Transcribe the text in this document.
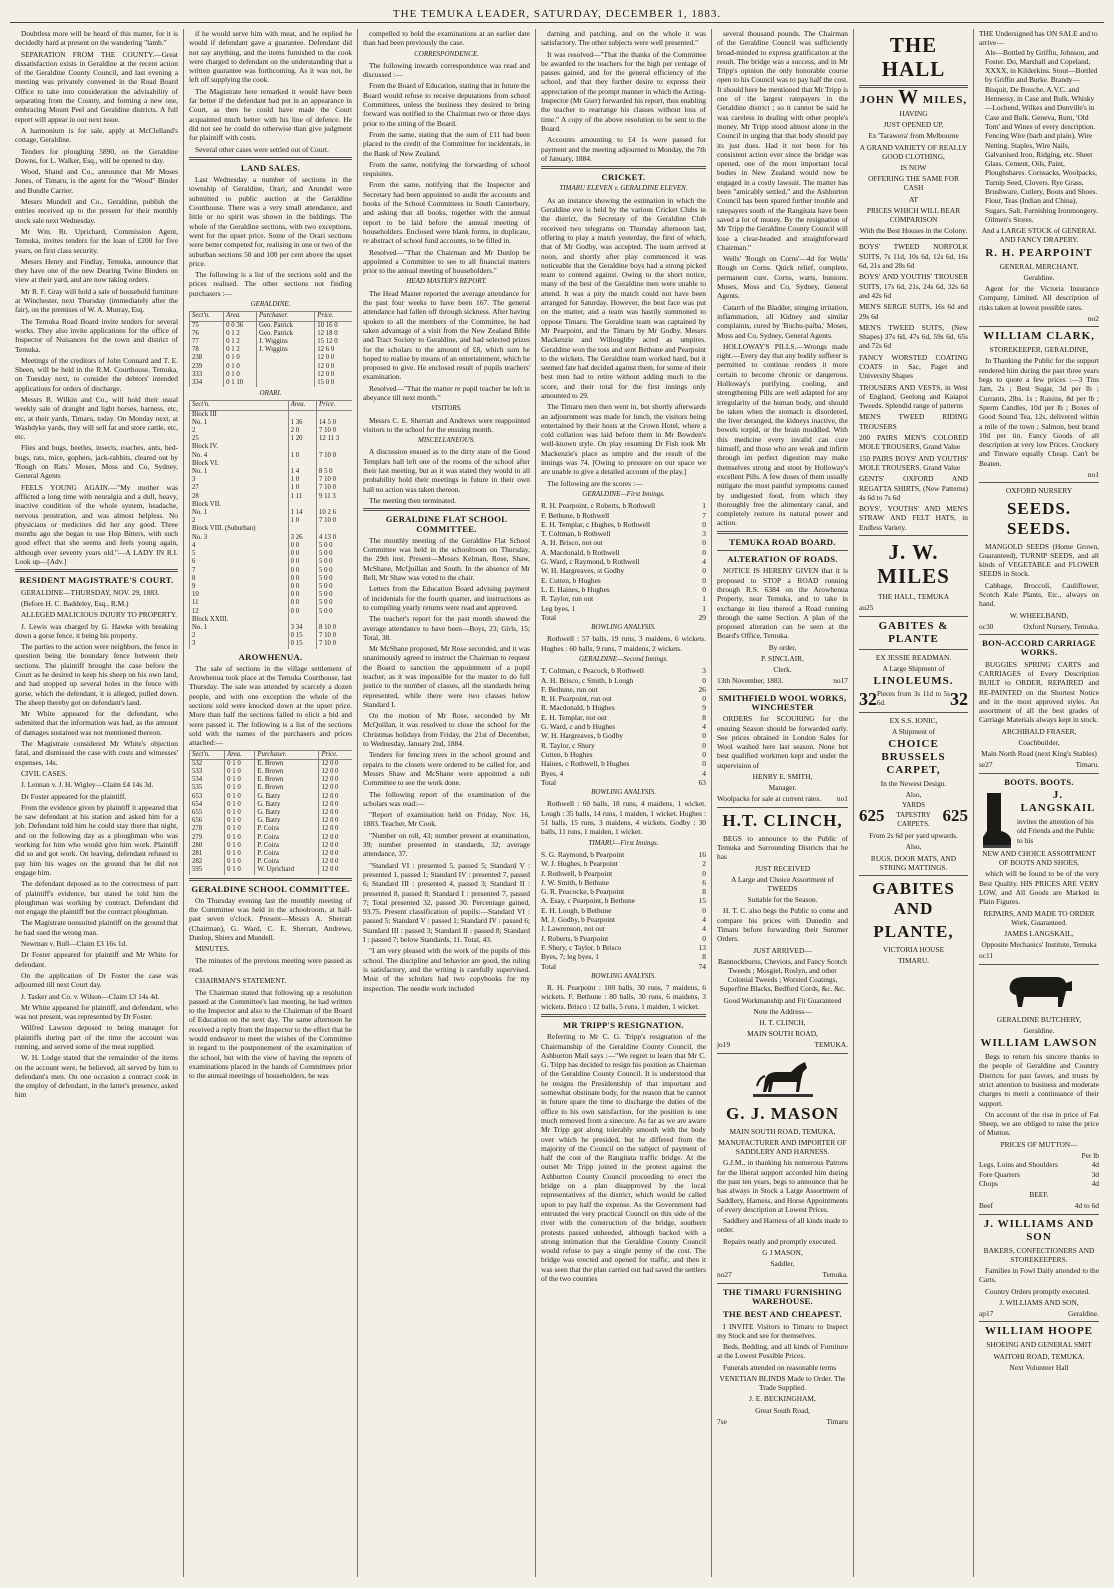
THE TEMUKA LEADER, SATURDAY, DECEMBER 1, 1883.

Doubtless more will be heard of this matter, for it is decidedly hard at present on the wandering "lamb."

SEPARATION FROM THE COUNTY.—Great dissatisfaction exists in Geraldine at the recent action of the Geraldine County Council, and last evening a meeting was privately convened in the Road Board Office to take into consideration the advisability of separating from the County, and forming a new one, embracing Mount Peel and Geraldine districts. A full report will appear in our next issue.

A harmonium is for sale, apply at McClelland's cottage, Geraldine.

Tenders for ploughing 5890, on the Geraldine Downs, for L. Walker, Esq., will be opened to day.

Wood, Shand and Co., announce that Mr Moses Jones, of Timaru, is the agent for the "Wood" Binder and Bundle Carrier.

Messrs Mundell and Co., Geraldine, publish the entries received up to the present for their monthly stock sale next Wednesday.

Mr Wm. Rt. Uprichard, Commission Agent, Temuka, invites tenders for the loan of £200 for five years, on first class security.

Messrs Henry and Findlay, Temuka, announce that they have one of the new Dearing Twine Binders on view at their yard, and are now taking orders.

Mr R. F. Gray will hold a sale of household furniture at Winchester, next Thursday (immediately after the fair), on the premises of W. A. Murray, Esq.

The Temuka Road Board invite tenders for several works. They also invite applications for the office of Inspector of Nuisances for the town and district of Temuka.

Meetings of the creditors of John Connard and T. E. Sheen, will be held in the R.M. Courthouse, Temuka, on Tuesday next, to consider the debtors' intended applications for orders of discharge.

Messrs R. Wilkin and Co., will hold their usual weekly sale of draught and light horses, harness, etc, etc, at their yards, Timaru, today. On Monday next, at Washdyke yards, they will sell fat and store cattle, etc, etc.

Flies and bugs, beetles, insects, roaches, ants, bed-bugs, rats, mice, gophers, jack-rabbits, cleared out by 'Rough on Rats.' Moses, Moss and Co, Sydney, General Agents

FEELS YOUNG AGAIN.—"My mother was afflicted a long time with neuralgia and a dull, heavy, inactive condition of the whole system, headache, nervous prostration, and was almost helpless. No physicians or medicines did her any good. Three months ago she began to use Hop Bitters, with such good effect that she seems and feels young again, although over seventy years old."—A LADY IN R.I. Look up—[Adv.]

RESIDENT MAGISTRATE'S COURT.

GERALDINE—THURSDAY, NOV. 29, 1883.

(Before H. C. Baddeley, Esq., R.M.)

ALLEGED MALICIOUS INJURY TO PROPERTY.

J. Lewis was charged by G. Hawke with breaking down a gorse fence, it being his property.

The parties to the action were neighbors, the fence in question being the boundary fence between their sections. The plaintiff brought the case before the Court as he desired to keep his sheep on his own land, and had stopped up several holes in the fence with gorse, which the defendant, it is alleged, pulled down. The sheep thereby got on defendant's land.

Mr White appeared for the defendant, who submitted that the information was bad, as the amount of damages sustained was not mentioned thereon.

The Magistrate considered Mr White's objection fatal, and dismissed the case with costs and witnesses' expenses, 14s.

CIVIL CASES.

J. Lennan v. J. H. Wigley—Claim £4 14s 3d.

Dr Foster appeared for the plaintiff.

From the evidence given by plaintiff it appeared that he saw defendant at his station and asked him for a job. Defendant told him he could stay there that night, and on the following day as a ploughman who was working for him who would give him work. Plaintiff did so and got work. On leaving, defendant refused to pay him his wages on the ground that he did not engage him.

The defendant deposed as to the correctness of part of plaintiff's evidence, but stated he told him the ploughman was working by contract. Defendant did not engage the plaintiff but the contract ploughman.

The Magistrate nonsuited plaintiff on the ground that he had sued the wrong man.

Newman v. Bull—Claim £3 16s 1d.

Dr Foster appeared for plaintiff and Mr White for defendant.

On the application of Dr Foster the case was adjourned till next Court day.

J. Tasker and Co. v. Wilson—Claim £3 14s 4d.

Mr White appeared for plaintiff, and defendant, who was not present, was represented by Dr Foster.

Wilfred Lawson deposed to being manager for plaintiffs during part of the time the account was running, and served some of the meat supplied.

W. H. Lodge stated that the remainder of the items on the account were, he believed, all served by him to defendant's men. On one occasion a contract cook in the employ of defendant, in the latter's presence, asked him

if he would serve him with meat, and he replied he would if defendant gave a guarantee. Defendant did not say anything, and the items furnished to the cook were charged to defendant on the understanding that a written guarantee was forthcoming. As it was not, he left off supplying the cook.

The Magistrate here remarked it would have been far better if the defendant had put in an appearance in Court, as then he could have made the Court acquainted much better with his line of defence. He did not see he could do otherwise than give judgment for plaintiff with costs.

Several other cases were settled out of Court.

LAND SALES.

Last Wednesday a number of sections in the township of Geraldine, Orari, and Arundel were submitted to public auction at the Geraldine Courthouse. There was a very small attendance, and little or no spirit was shown in the biddings. The whole of the Geraldine sections, with two exceptions, went for the upset price. Some of the Orari sections were better competed for, realising in one or two of the suburban sections 50 and 100 per cent above the upset price.

The following is a list of the sections sold and the prices realised. The other sections not finding purchasers :—

GERALDINE.
Sect'n.	Area.	Purchaser.	Price.
75	0 0 36	Geo. Patrick	10 16 0
76	0 1 2	Geo. Patrick	12 18 0
77	0 1 2	J. Wiggins	15 12 0
78	0 1 2	J. Wiggins	12 6 0
238	0 1 0		12 0 0
239	0 1 0		12 0 0
333	0 1 0		12 0 0
334	0 1 10		15 0 0
ORARI.
Sect'n.	Area.	Price.
Block III		
No. 1	1 36	14 5 0
2	2 0	7 10 0
25	1 20	12 11 3
Block IV.		
No. 4	1 0	7 10 0
Block VI.		
No. 1	1 4	8 5 0
3	1 0	7 10 0
27	1 0	7 10 0
28	1 11	9 11 3
Block VII.		
No. 1	1 14	10 2 6
2	1 0	7 10 0
Block VIII. (Suburban)		
No. 3	3 26	4 13 0
4	0 0	5 0 0
5	0 0	5 0 0
6	0 0	5 0 0
7	0 0	5 0 0
8	0 0	5 0 0
9	0 0	5 0 0
10	0 0	5 0 0
11	0 0	5 0 0
12	0 0	5 0 0
Block XXIII.		
No. 1	3 34	8 10 0
2	0 15	7 10 0
3	0 15	7 10 0
AROWHENUA.

The sale of sections in the village settlement of Arowhenua took place at the Temuka Courthouse, last Thursday. The sale was attended by scarcely a dozen people, and with one exception the whole of the sections sold were knocked down at the upset price. More than half the sections failed to elicit a bid and were passed it. The following is a list of the sections sold with the names of the purchasers and prices attached:—

Sect'n.	Area.	Purchaser.	Price.
532	0 1 0	E. Brown	12 0 0
533	0 1 0	E. Brown	12 0 0
534	0 1 0	E. Brown	12 0 0
535	0 1 0	E. Brown	12 0 0
653	0 1 0	G. Batty	12 0 0
654	0 1 0	G. Batty	12 0 0
655	0 1 0	G. Batty	12 0 0
656	0 1 0	G. Batty	12 0 0
278	0 1 0	P. Coira	12 0 0
279	0 1 0	P. Coira	12 0 0
280	0 1 0	P. Coira	12 0 0
281	0 1 0	P. Coira	12 0 0
282	0 1 0	P. Coira	12 0 0
595	0 1 0	W. Uprichard	12 0 0
GERALDINE SCHOOL COMMITTEE.

On Thursday evening last the monthly meeting of the Committee was held in the schoolroom, at half-past seven o'clock. Present—Messrs A. Sherratt (Chairman), G. Ward, C. E. Sherratt, Andrews, Dunlop, Shiers and Mundell.

MINUTES.

The minutes of the previous meeting were passed as read.

CHAIRMAN'S STATEMENT.

The Chairman stated that following up a resolution passed at the Committee's last meeting, he had written to the Inspector and also to the Chairman of the Board of Education on the next day. The same afternoon he received a reply from the Inspector to the effect that he would endeavor to meet the wishes of the Committee in regard to the postponement of the examination of the school, but with the view of having the reports of examinations placed in the hands of Committees prior to the annual meetings of householders, he was

compelled to hold the examinations at an earlier date than had been previously the case.

CORRESPONDENCE.

The following inwards correspondence was read and discussed :—

From the Board of Education, stating that in future the Board would refuse to receive deputations from school Committees, unless the business they desired to bring forward was notified to the Chairman two or three days prior to the sitting of the Board.

From the same, stating that the sum of £11 had been placed to the credit of the Committee for incidentals, in the Bank of New Zealand.

From the same, notifying the forwarding of school requisites.

From the same, notifying that the Inspector and Secretary had been appointed to audit the accounts and books of the School Committees in South Canterbury, and asking that all books, together with the annual report to be laid before the annual meeting of householders. Enclosed were blank forms, in duplicate, re abstract of school fund accounts, to be filled in.

Resolved—"That the Chairman and Mr Dunlop be appointed a Committee to see to all financial matters prior to the annual meeting of householders."

HEAD MASTER'S REPORT.

The Head Master reported the average attendance for the past four weeks to have been 167. The general attendance had fallen off through sickness. After having spoken to all the members of the Committee, he had taken advantage of a visit from the New Zealand Bible and Tract Society to Geraldine, and had selected prizes for the scholars to the amount of £8, which sum he hoped to realise by means of an entertainment, which he proposed to give. He enclosed result of pupils teachers' examination.

Resolved—"That the matter re pupil teacher be left in abeyance till next month."

VISITORS.

Messrs C. E. Sherratt and Andrews were reappointed visitors to the school for the ensuing month.

MISCELLANEOUS.

A discussion ensued as to the dirty state of the Good Templars hall left one of the rooms of the school after their last meeting, but as it was stated they would in all probability hold their meetings in future in their own hall no action was taken thereon.

The meeting then terminated.

GERALDINE FLAT SCHOOL COMMITTEE.

The monthly meeting of the Geraldine Flat School Committee was held in the schoolroom on Thursday, the 29th inst. Present—Messrs Kelman, Rose, Shaw, McShane, McQuillan and South. In the absence of Mr Bell, Mr Shaw was voted to the chair.

Letters from the Education Board advising payment of incidentals for the fourth quarter, and instructions as to compiling yearly returns were read and approved.

The teacher's report for the past month showed the average attendance to have been—Boys, 23; Girls, 15; Total, 38.

Mr McShane proposed, Mr Rose seconded, and it was unanimously agreed to instruct the Chairman to request the Board to sanction the appointment of a pupil teacher, as it was impossible for the master to do full justice to the number of classes, all the standards being represented, while there were two classes below Standard I.

On the motion of Mr Rose, seconded by Mr McQuillan, it was resolved to close the school for the Christmas holidays from Friday, the 21st of December, to Wednesday, January 2nd, 1884.

Tenders for fencing trees in the school ground and repairs to the closets were ordered to be called for, and Messrs Shaw and McShane were appointed a sub Committee to see the work done.

The following report of the examination of the scholars was read:—

"Report of examination held on Friday, Nov. 16, 1883. Teacher, Mr Cook.

"Number on roll, 43; number present at examination, 39; number presented in standards, 32; average attendance, 37.

"Standard VI : presented 5, passed 5; Standard V : presented 1, passed 1; Standard IV : presented 7, passed 6; Standard III : presented 4, passed 3; Standard II : presented 8, passed 8; Standard I : presented 7, passed 7; Total presented 32, passed 30. Percentage gained, 93.75. Present classification of pupils:—Standard VI : passed 5; Standard V : passed 1; Standard IV : passed 6; Standard III : passed 3; Standard II : passed 8; Standard I : passed 7; below Standards, 11. Total, 43.

"I am very pleased with the work of the pupils of this school. The discipline and behavior are good, the ruling is satisfactory, and the writing is carefully supervised. Most of the scholars had two copybooks for my inspection. The needle work included

darning and patching, and on the whole it was satisfactory. The other subjects were well presented."

It was resolved—"That the thanks of the Committee be awarded to the teachers for the high per centage of passes gained, and for the general efficiency of the school, and that they further desire to express their appreciation of the prompt manner in which the Acting-Inspector (Mr Gurr) forwarded his report, thus enabling the teacher to rearrange his classes without loss of time." A copy of the above resolution to be sent to the Board.

Accounts amounting to £4 1s were passed for payment and the meeting adjourned to Monday, the 7th of January, 1884.

CRICKET.
TIMARU ELEVEN v. GERALDINE ELEVEN.

As an instance showing the estimation in which the Geraldine eve is held by the various Cricket Clubs in the district, the Secretary of the Geraldine Club received two telegrams on Thursday afternoon last, offering to play a match yesterday, the first of which, that of Mr Godby, was accepted. The team arrived at noon, and shortly after play commenced it was noticeable that the Geraldine boys had a strong picked team to contend against. Owing to the short notice, many of the best of the Geraldine men were unable to attend. It was a pity the match could not have been arranged for Saturday. However, the best face was put on the matter, and a team was hastily summoned to oppose Timaru. The Geraldine team was captained by Mr Pearpoint, and the Timaru by Mr Godby. Messrs Mackenzie and Willoughby acted as umpires. Geraldine won the toss and sent Bethune and Pearpoint to the wickets. The Geraldine team worked hard, but it seemed fate had decided against them, for some of their best men had to retire without adding much to the score, and their total for the first innings only amounted to 29.

The Timaru men then went in, but shortly afterwards an adjournment was made for lunch, the visitors being entertained by their hosts at the Crown Hotel, where a cold collation was laid before them in Mr Bowden's well-known style. On play resuming Dr Fish took Mr Mackenzie's place as umpire and the result of the innings was 74. [Owing to pressure on our space we are unable to give a detailed account of the play.]

The following are the scores :—

GERALDINE—First Innings.
R. H. Pearpoint, c Roberts, b Rothwell	1
F. Bethune, b Rothwell	7
E. H. Templar, c Hughes, b Rothwell	0
T. Coltman, b Rothwell	3
A. H. Brisco, not out	0
A. Macdonald, b Rothwell	0
G. Ward, c Raymond, b Rothwell	4
W. H. Hargreaves, st Godby	0
E. Cutten, b Hughes	0
L. E. Haines, b Hughes	0
R. Taylor, run out	1
Leg byes, 1	1
Total	29
BOWLING ANALYSIS.

Rothwell : 57 balls, 19 runs, 3 maidens, 6 wickets. Hughes : 60 balls, 9 runs, 7 maidens, 2 wickets.

GERALDINE—Second Innings.
T. Coltman, c Peacock, b Rothwell	3
A. H. Brisco, c Smith, b Lough	0
F. Bethune, run out	26
R. H. Pearpoint, run out	0
R. Macdonald, b Hughes	9
E. H. Templar, not out	8
G. Ward, c and b Hughes	4
W. H. Hargreaves, b Godby	0
R. Taylor, c Shury	0
Cutten, b Hughes	0
Haines, c Rothwell, b Hughes	0
Byes, 4	4
Total	63
BOWLING ANALYSIS.

Rothwell : 60 balls, 18 runs, 4 maidens, 1 wicket. Lough : 35 balls, 14 runs, 1 maiden, 1 wicket. Hughes : 51 balls, 15 runs, 3 maidens, 4 wickets. Godby : 30 balls, 11 runs, 1 maiden, 1 wicket.

TIMARU—First Innings.
S. G. Raymond, b Pearpoint	16
W. J. Hughes, b Pearpoint	2
J. Rothwell, b Pearpoint	0
J. W. Smith, b Bethune	6
G. R. Peacocke, b Pearpoint	8
A. Esay, c Pearpoint, b Bethune	15
E. H. Lough, b Bethune	0
M. J. Godby, b Pearpoint	4
J. Lawrenson, not out	4
J. Roberts, b Pearpoint	0
F. Shury, c Taylor, b Brisco	13
Byes, 7; leg byes, 1	8
Total	74
BOWLING ANALYSIS.

R. H. Pearpoint : 100 balls, 30 runs, 7 maidens, 6 wickets. F. Bethune : 80 balls, 30 runs, 6 maidens, 3 wickets. Brisco : 12 balls, 5 runs, 1 maiden, 1 wicket.

MR TRIPP'S RESIGNATION.

Referring to Mr C. G. Tripp's resignation of the Chairmanship of the Geraldine County Council, the Ashburton Mail says :—"We regret to learn that Mr C. G. Tripp has decided to resign his position as Chairman of the Geraldine County Council. It is understood that he resigns the Presidentship of that important and somewhat obstinate body, for the reason that he cannot in future spare the time to discharge the duties of the office to his own satisfaction, for the position is one much removed from a sinecure. As far as we are aware Mr Tripp got along tolerably smooth with the body over which he presided, but he differed from the majority of the Council on the subject of payment of half the cost of the Rangitata traffic bridge. At the outset Mr Tripp joined in the protest against the Ashburton County Council proceeding to erect the bridge on a plan disapproved by the local representatives of the district, which would be called upon to pay half the expense. As the Government had entrusted the very practical Council on this side of the river with the construction of the bridge, southern protests passed unheeded, although backed with a strong intimation that the Geraldine County Council would refuse to pay a single penny of the cost. The bridge was erected and opened for traffic, and then it was seen that the plan carried out had saved the settlers of the two counties

several thousand pounds. The Chairman of the Geraldine Council was sufficiently broad-minded to express gratification at the result. The bridge was a success, and in Mr Tripp's opinion the only honorable course open to his Council was to pay half the cost. It should here be mentioned that Mr Tripp is one of the largest ratepayers in the Geraldine district ; so it cannot be said he was careless in dealing with other people's money. Mr Tripp stood almost alone in the Council in urging that that body should pay its just dues. Had it not been for his consistent action ever since the bridge was opened, one of the most important local bodies in New Zealand would now be engaged in a costly lawsuit. The matter has been "amicably settled," and the Ashburton Council has been spared further trouble and ratepayers south of the Rangitata have been saved a lot of money. By the resignation of Mr Tripp the Geraldine County Council will lose a clear-headed and straightforward Chairman."

Wells' 'Rough on Corns'—4d for Wells' Rough on Corns. Quick relief, complete, permanent cure. Corns, warts, bunions. Moses, Moss and Co, Sydney, General Agents.

Catarrh of the Bladder, stinging irritation, inflammation, all Kidney and similar complaints, cured by 'Buchu-paiba,' Moses, Moss and Co, Sydney, General Agents.

HOLLOWAY'S PILLS.—Wrongs made right.—Every day that any bodily sufferer is permitted to continue renders it more certain to become chronic or dangerous. Holloway's purifying, cooling, and strengthening Pills are well adapted for any irregularity of the human body, and should be taken when the stomach is disordered, the liver deranged, the kidneys inactive, the bowels torpid, or the brain muddled. With this medicine every invalid can cure himself, and those who are weak and infirm through im perfect digestion may make themselves strong and stout by Holloway's excellent Pills. A few doses of them usually mitigate the most painful symptoms caused by undigested food, from which they thoroughly free the alimentary canal, and completely restore its natural power and action.

TEMUKA ROAD BOARD.
ALTERATION OF ROADS.

NOTICE IS HEREBY GIVEN that it is proposed to STOP a ROAD running through R.S. 6384 on the Arowhenua Property, near Temuka, and to take in exchange in lieu thereof a Road running through the same Section. A plan of the proposed alteration can be seen at the Board's Office, Temuka.

By order,
P. SINCLAIR,
Clerk.
13th November, 1883.	no17
SMITHFIELD WOOL WORKS, WINCHESTER

ORDERS for SCOURING for the ensuing Season should be forwarded early. See prices obtained in London Sales for Wool washed here last season. None but best qualified workmen kept and under the supervision of

HENRY E. SMITH,
Manager.
Woolpacks for sale at current rates. no1
H.T. CLINCH,

BEGS to announce to the Public of Temuka and Surrounding Districts that he has

JUST RECEIVED
A Large and Choice Assortment of TWEEDS
Suitable for the Season.

H. T. C. also begs the Public to come and compare his prices with Dunedin and Timaru before forwarding their Summer Orders.

JUST ARRIVED—
Bannockburns, Cheviots, and Fancy Scotch Tweeds ; Mosgiel, Roslyn, and other Colonial Tweeds ; Worsted Coatings, Superfine Blacks, Bedford Cords, &c. &c.
Good Workmanship and Fit Guaranteed
Note the Address—
H. T. CLINCH,
MAIN SOUTH ROAD,
jo19	TEMUKA.
G. J. MASON
MAIN SOUTH ROAD, TEMUKA,
MANUFACTURER AND IMPORTER OF SADDLERY AND HARNESS.

G.J.M., in thanking his numerous Patrons for the liberal support accorded him during the past ten years, begs to announce that he has always in Stock a Large Assortment of Saddlery, Harness, and Horse Appointments of every description at Lowest Prices.

Saddlery and Harness of all kinds made to order.

Repairs neatly and promptly executed.

G J MASON,
Saddler,
no27	Temuka.
THE TIMARU FURNISHING WAREHOUSE.
THE BEST AND CHEAPEST.

I INVITE Visitors to Timaru to Inspect my Stock and see for themselves.

Beds, Bedding, and all kinds of Furniture at the Lowest Possible Prices.

Funerals attended on reasonable terms

VENETIAN BLINDS Made to Order. The Trade Supplied.
J. E. BECKINGHAM,
Great South Road,
7se	Timaru
THE HALL
JOHN W MILES,
HAVING
JUST OPENED UP,
Ex 'Tarawera' from Melbourne
A GRAND VARIETY OF REALLY GOOD CLOTHING,
IS NOW
OFFERING THE SAME FOR CASH
AT
PRICES WHICH WILL BEAR COMPARISON
With the Best Houses in the Colony.
BOYS' TWEED NORFOLK SUITS, 7s 11d, 10s 6d, 12s 6d, 16s 6d, 21s and 28s 6d
BOYS' AND YOUTHS' TROUSER SUITS, 17s 6d, 21s, 24s 6d, 32s 6d and 42s 6d
MEN'S SERGE SUITS, 16s 6d and 29s 6d
MEN'S TWEED SUITS, (New Shapes) 37s 6d, 47s 6d, 59s 6d, 65s and 72s 6d
FANCY WORSTED COATING COATS in Sac, Paget and University Shapes
TROUSERS AND VESTS, in West of England, Geelong and Kaiapoi Tweeds. Splendid range of patterns
MEN'S TWEED RIDING TROUSERS
200 PAIRS MEN'S COLORED MOLE TROUSERS, Grand Value
150 PAIRS BOYS' AND YOUTHS' MOLE TROUSERS. Grand Value
GENTS' OXFORD AND REGATTA SHIRTS, (New Patterns) 4s 6d to 7s 6d
BOYS', YOUTHS' AND MEN'S STRAW AND FELT HATS, in Endless Variety.
J. W. MILES
THE HALL, TEMUKA
au25
GABITES & PLANTE
EX JESSIE READMAN.
A Large Shipment of
LINOLEUMS.
32 Pieces from 3s 11d to 5s 6d.	32
EX S.S. IONIC,
A Shipment of
CHOICE BRUSSELS CARPET,
In the Newest Design.
Also,
625
YARDS TAPESTRY CARPETS. 625
From 2s 6d per yard upwards.
Also,
RUGS, DOOR MATS, AND STRING MATTINGS.
GABITES AND
PLANTE,
VICTORIA HOUSE
TIMARU.
THE Undersigned has ON SALE and to arrive—
Ale—Bottled by Griffin, Johnson, and Foster. Do, Marshall and Copeland, XXXX, in Kilderkins. Stout—Bottled by Griffin and Burke. Brandy—Bisquit, De Bouche, A.V.C. and Hennessy, in Case and Bulk. Whisky—Lochend, Wilkes and Dunville's in Case and Bulk. Geneva, Rum, 'Old Tom' and Wines of every description. Fencing Wire (barb and plain), Wire Netting. Staples, Wire Nails, Galvanised Iron, Ridging, etc. Sheet Glass, Cement, Oils, Paint, Ploughshares. Cornsacks, Woolpacks, Turnip Seed, Clovers. Rye Grass, Brushware, Cutlery, Boots and Shoes. Flour, Teas (Indian and China), Sugars, Salt. Furnishing Ironmongery. Oilmen's Stores.
And a LARGE STOCK of GENERAL AND FANCY DRAPERY.
R. H. PEARPOINT
GENERAL MERCHANT,
Geraldine.

Agent for the Victoria Insurance Company, Limited. All description of risks taken at lowest possible rates.

no2
WILLIAM CLARK,
STOREKEEPER, GERALDINE,

In Thanking the Public for the support rendered him during the past three years begs to quote a few prices :—3 Tins Jam, 2s ; Best Sugar, 3d per lb ; Currants, 2lbs. 1s ; Raisins, 8d per lb ; Sperm Candles, 10d per lb ; Boxes of Good Sound Tea, 12s, delivered within a mile of the town ; Salmon, best brand 10d per tin. Fancy Goods of all description at very low Prices. Crockery and Tinware equally Cheap. Can't be Beaten.

no1
OXFORD NURSERY
SEEDS. SEEDS.

MANGOLD SEEDS (Home Grown, Guaranteed), TURNIP SEEDS, and all kinds of VEGETABLE and FLOWER SEEDS in Stock.

Cabbage, Broccoli, Cauliflower, Scotch Kale Plants, Etc., always on hand.

W. WHEELBAND,
oc30	Oxford Nursery, Temuka.
BON-ACCORD CARRIAGE WORKS.

BUGGIES SPRING CARTS and CARRIAGES of Every Description BUILT to ORDER, REPAIRED and RE-PAINTED on the Shortest Notice and in the most approved styles. An assortment of all the best grades of Carriage Materials always kept in stock.

ARCHIBALD FRASER,
Coachbuilder,
Main North Road (next King's Stables)
se27	Timaru.
BOOTS. BOOTS.
J. LANGSKAIL
invites the attention of his old Friends and the Public to his
NEW AND CHOICE ASSORTMENT OF BOOTS AND SHOES,

which will be found to be of the very Best Quality. HIS PRICES ARE VERY LOW, and All Goods are Marked in Plain Figures.

REPAIRS, AND MADE TO ORDER Work, Guaranteed.
JAMES LANGSKAIL,
Opposite Mechanics' Institute, Temuka
oc11
GERALDINE BUTCHERY,
Geraldine.
WILLIAM LAWSON

Begs to return his sincere thanks to the people of Geraldine and Country Districts for past favors, and trusts by strict attention to business and moderate charges to merit a continuance of their support.

On account of the rise in price of Fat Sheep, we are obliged to raise the price of Mutton.

PRICES OF MUTTON—
Per lb
Legs, Loins and Shoulders	4d
Fore Quarters	3d
Chops	4d
BEEF.
Beef	4d to 6d
J. WILLIAMS AND SON
BAKERS, CONFECTIONERS AND STOREKEEPERS.

Families in Fowl Daily attended to the Carts.

Country Orders promptly executed.

J. WILLIAMS AND SON,
ap17	Geraldine.
WILLIAM HOOPE
SHOEING AND GENERAL SMIT
WAITOHI ROAD, TEMUKA.
Next Volunteer Hall
